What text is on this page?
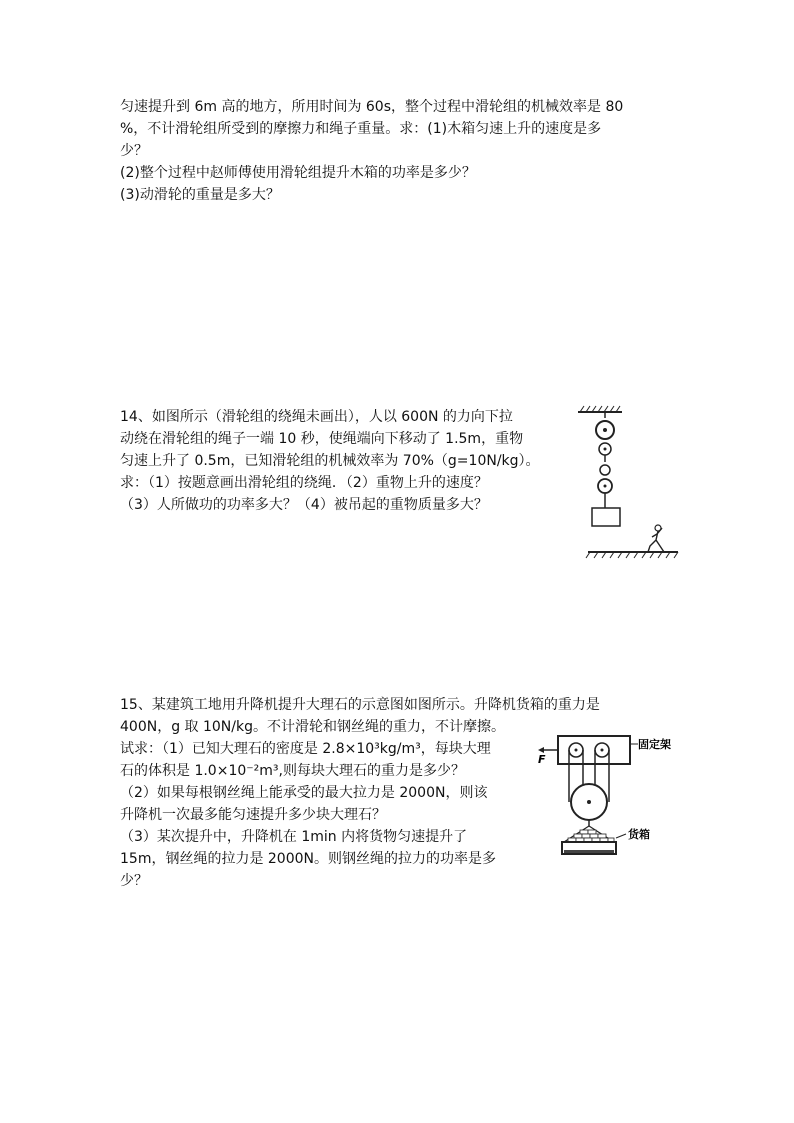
匀速提升到 6m 高的地方，所用时间为 60s，整个过程中滑轮组的机械效率是 80
%，不计滑轮组所受到的摩擦力和绳子重量。求：(1)木箱匀速上升的速度是多
少？
(2)整个过程中赵师傅使用滑轮组提升木箱的功率是多少？
(3)动滑轮的重量是多大？
14、如图所示（滑轮组的绕绳未画出），人以 600N 的力向下拉
动绕在滑轮组的绳子一端 10 秒，使绳端向下移动了 1.5m，重物
匀速上升了 0.5m，已知滑轮组的机械效率为 70%（g=10N/kg）。
求：（1）按题意画出滑轮组的绕绳．（2）重物上升的速度？
（3）人所做功的功率多大？（4）被吊起的重物质量多大？
15、某建筑工地用升降机提升大理石的示意图如图所示。升降机货箱的重力是
400N，g 取 10N/kg。不计滑轮和钢丝绳的重力，不计摩擦。
试求：（1）已知大理石的密度是 2.8×10³kg/m³，每块大理
石的体积是 1.0×10⁻²m³,则每块大理石的重力是多少？
（2）如果每根钢丝绳上能承受的最大拉力是 2000N，则该
升降机一次最多能匀速提升多少块大理石？
（3）某次提升中，升降机在 1min 内将货物匀速提升了
15m，钢丝绳的拉力是 2000N。则钢丝绳的拉力的功率是多
少？
F
固定架
货箱
